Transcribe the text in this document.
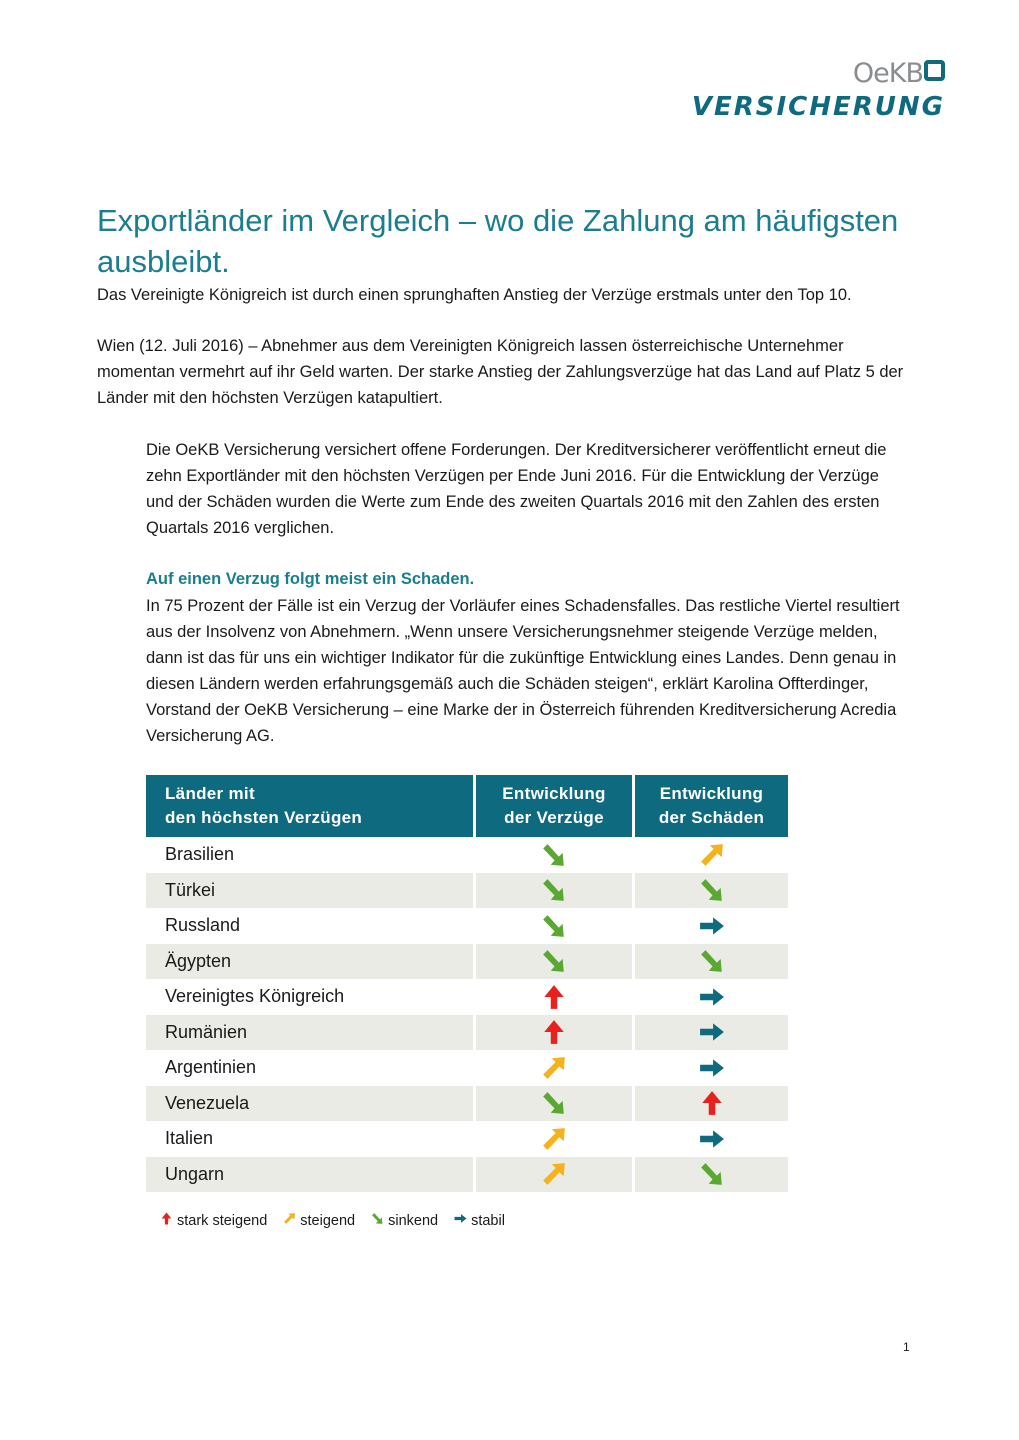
OeKB
VERSICHERUNG
Exportländer im Vergleich – wo die Zahlung am häufigsten ausbleibt.

Das Vereinigte Königreich ist durch einen sprunghaften Anstieg der Verzüge erstmals unter den Top 10.

Wien (12. Juli 2016) – Abnehmer aus dem Vereinigten Königreich lassen österreichische Unternehmer momentan vermehrt auf ihr Geld warten. Der starke Anstieg der Zahlungsverzüge hat das Land auf Platz 5 der Länder mit den höchsten Verzügen katapultiert.

Die OeKB Versicherung versichert offene Forderungen. Der Kreditversicherer veröffentlicht erneut die zehn Exportländer mit den höchsten Verzügen per Ende Juni 2016. Für die Entwicklung der Verzüge und der Schäden wurden die Werte zum Ende des zweiten Quartals 2016 mit den Zahlen des ersten Quartals 2016 verglichen.

Auf einen Verzug folgt meist ein Schaden.

In 75 Prozent der Fälle ist ein Verzug der Vorläufer eines Schadensfalles. Das restliche Viertel resultiert aus der Insolvenz von Abnehmern. „Wenn unsere Versicherungsnehmer steigende Verzüge melden, dann ist das für uns ein wichtiger Indikator für die zukünftige Entwicklung eines Landes. Denn genau in diesen Ländern werden erfahrungsgemäß auch die Schäden steigen“, erklärt Karolina Offterdinger, Vorstand der OeKB Versicherung – eine Marke der in Österreich führenden Kreditversicherung Acredia Versicherung AG.

Länder mit
den höchsten Verzügen
Entwicklung
der Verzüge
Entwicklung
der Schäden
Brasilien
Türkei
Russland
Ägypten
Vereinigtes Königreich
Rumänien
Argentinien
Venezuela
Italien
Ungarn
stark steigend steigend sinkend stabil
1
